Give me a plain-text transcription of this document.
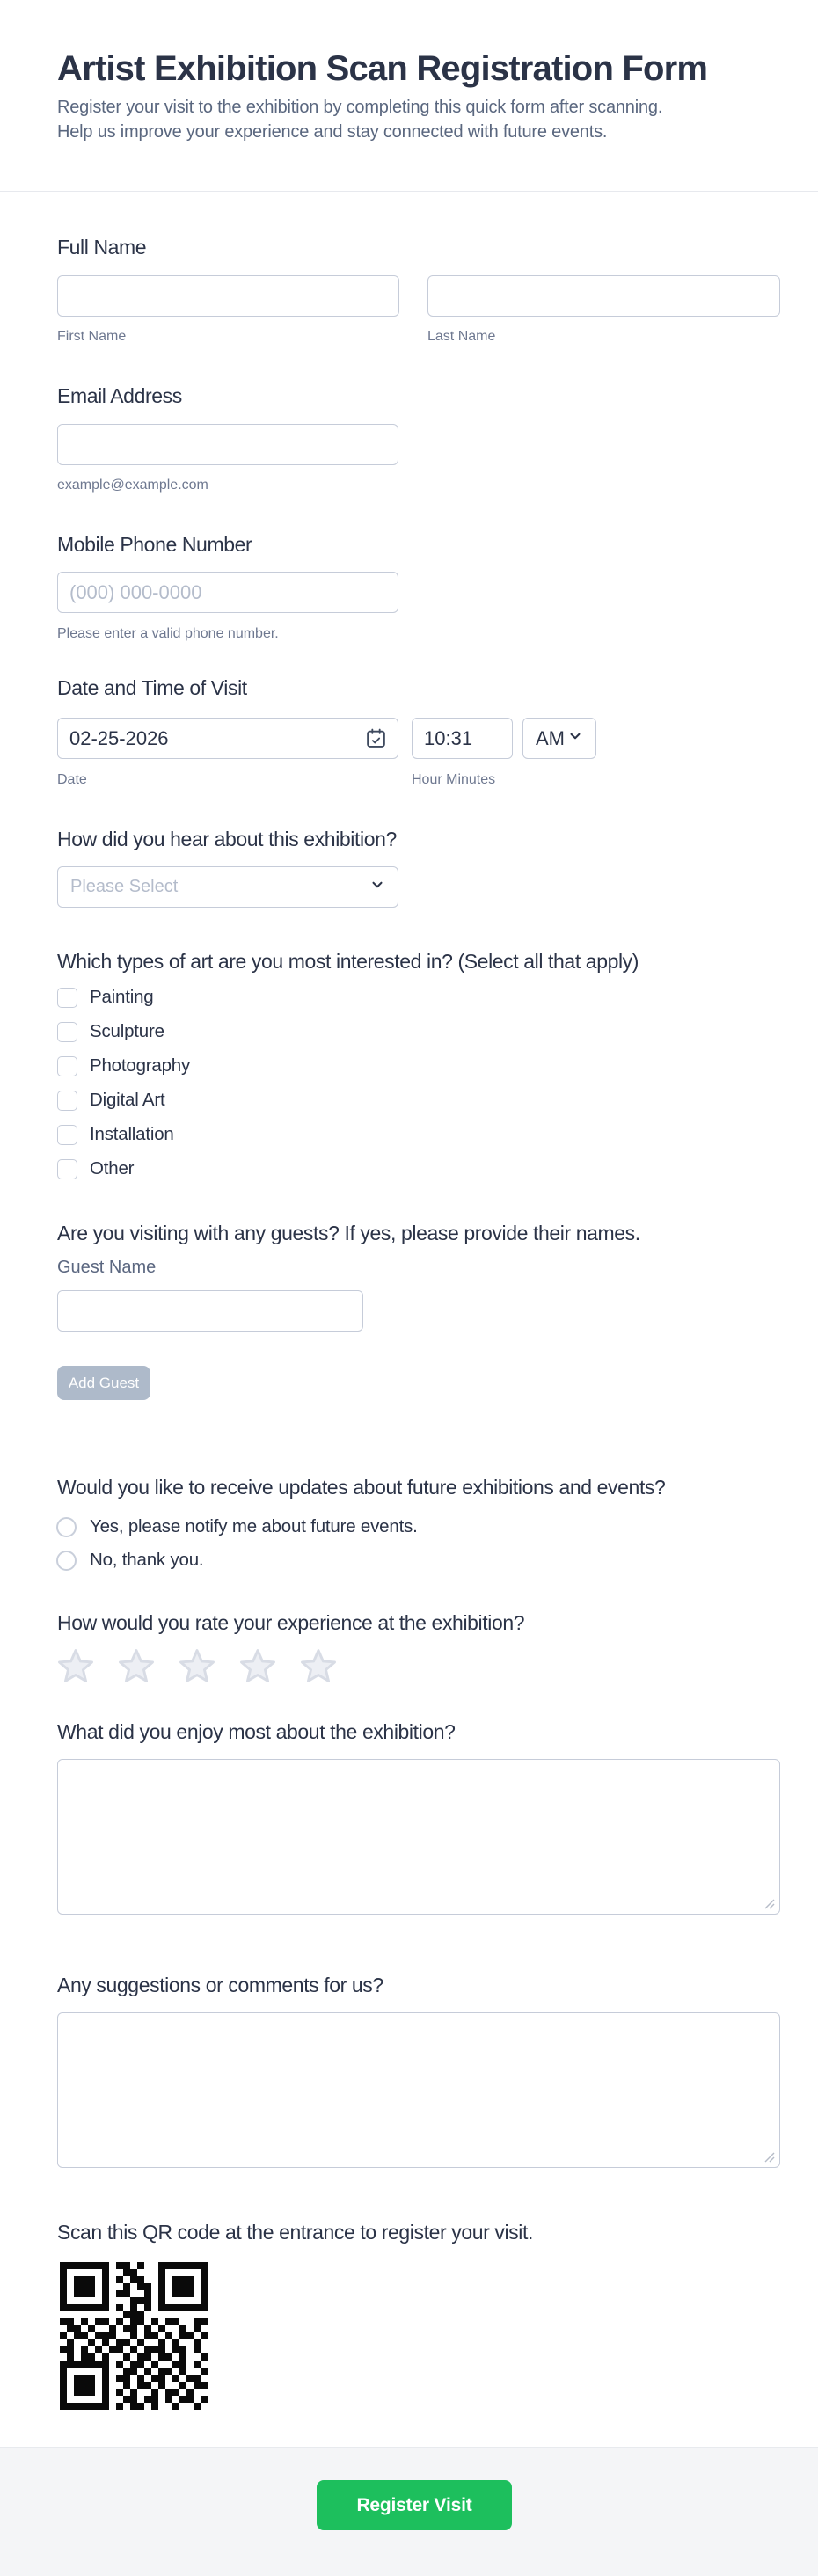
Artist Exhibition Scan Registration Form
Register your visit to the exhibition by completing this quick form after scanning.
Help us improve your experience and stay connected with future events.
Full Name
First Name	Last Name
Email Address
example@example.com
Mobile Phone Number
(000) 000-0000
Please enter a valid phone number.
Date and Time of Visit
02-25-2026
10:31
AM
Date	Hour Minutes
How did you hear about this exhibition?
Please Select
Which types of art are you most interested in? (Select all that apply)
Painting
Sculpture
Photography
Digital Art
Installation
Other
Are you visiting with any guests? If yes, please provide their names.
Guest Name
Add Guest
Would you like to receive updates about future exhibitions and events?
Yes, please notify me about future events.
No, thank you.
How would you rate your experience at the exhibition?
What did you enjoy most about the exhibition?
Any suggestions or comments for us?
Scan this QR code at the entrance to register your visit.
Register Visit
